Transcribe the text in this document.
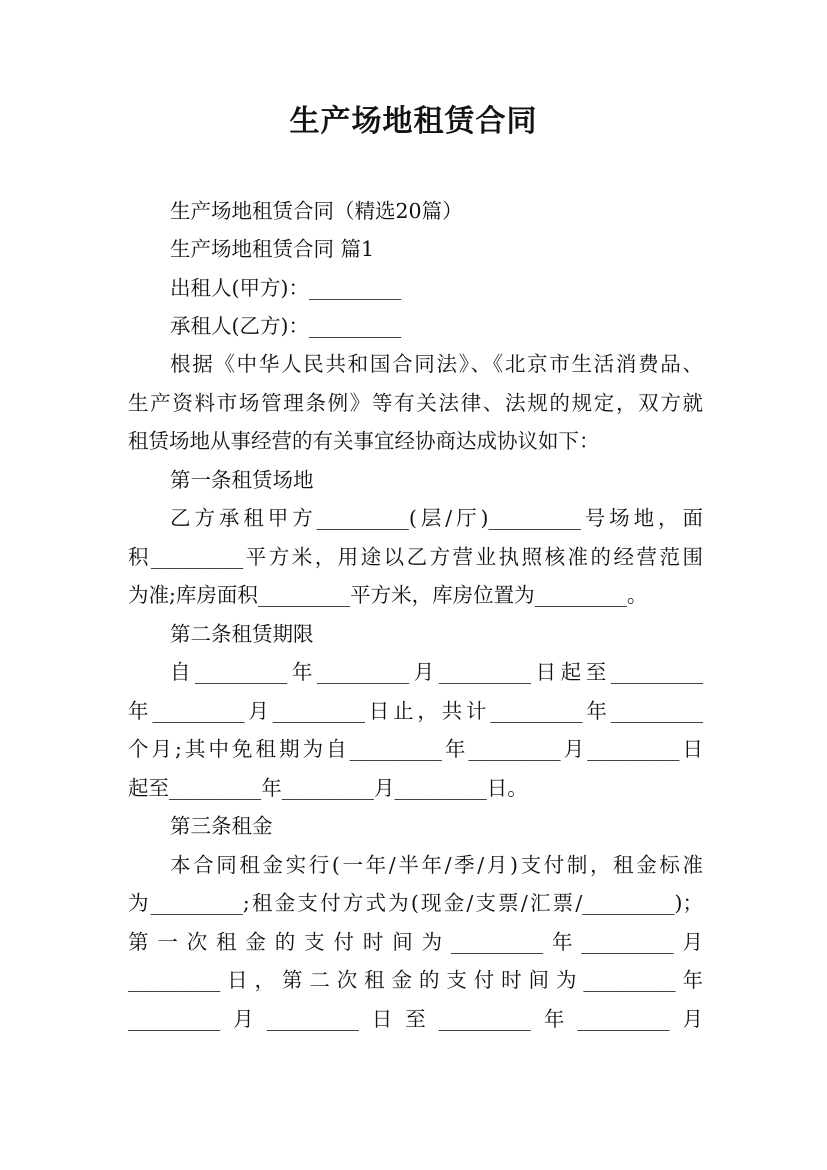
生产场地租赁合同
生产场地租赁合同（精选20篇）
生产场地租赁合同 篇1
出租人(甲方)：_________
承租人(乙方)：_________
根据《中华人民共和国合同法》、《北京市生活消费品、
生产资料市场管理条例》等有关法律、法规的规定，双方就
租赁场地从事经营的有关事宜经协商达成协议如下：
第一条租赁场地
乙方承租甲方_________(层/厅)_________号场地，面
积_________平方米，用途以乙方营业执照核准的经营范围
为准;库房面积_________平方米，库房位置为_________。
第二条租赁期限
自_________年_________月_________日起至_________
年_________月_________日止，共计_________年_________
个月;其中免租期为自_________年_________月_________日
起至_________年_________月_________日。
第三条租金
本合同租金实行(一年/半年/季/月)支付制，租金标准
为_________;租金支付方式为(现金/支票/汇票/_________)；
第一次租金的支付时间为_________年_________月
_________日，第二次租金的支付时间为_________年
_________月_________日至_________年_________月
